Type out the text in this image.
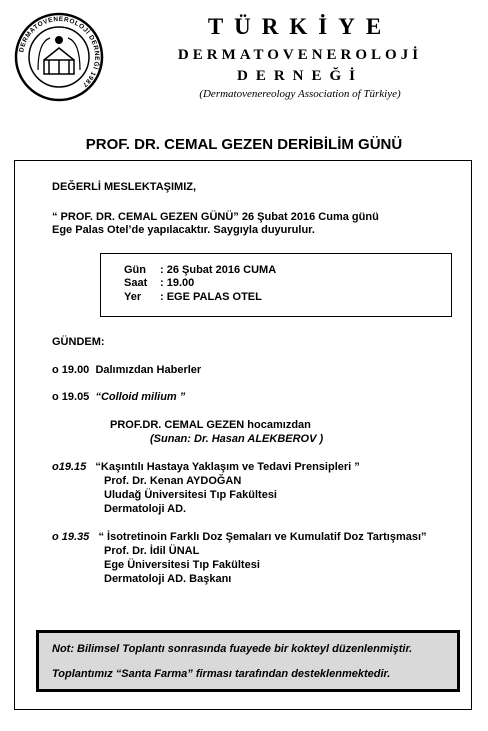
DERMATOVENEROLOJİ DERNEĞİ 1987
TÜRKİYE
DERMATOVENEROLOJİ
DERNEĞİ
(Dermatovenereology Association of Türkiye)
PROF. DR. CEMAL GEZEN DERİBİLİM GÜNÜ
DEĞERLİ MESLEKTAŞIMIZ,
“ PROF. DR. CEMAL GEZEN GÜNÜ” 26 Şubat 2016 Cuma günü
Ege Palas Otel’de yapılacaktır. Saygıyla duyurulur.
Gün : 26 Şubat 2016 CUMA
Saat : 19.00
Yer : EGE PALAS OTEL
GÜNDEM:
o 19.00 Dalımızdan Haberler
o 19.05 “Colloid milium ”
PROF.DR. CEMAL GEZEN hocamızdan
(Sunan: Dr. Hasan ALEKBEROV )
o19.15 “Kaşıntılı Hastaya Yaklaşım ve Tedavi Prensipleri ”
Prof. Dr. Kenan AYDOĞAN
Uludağ Üniversitesi Tıp Fakültesi
Dermatoloji AD.
o 19.35 “ İsotretinoin Farklı Doz Şemaları ve Kumulatif Doz Tartışması”
Prof. Dr. İdil ÜNAL
Ege Üniversitesi Tıp Fakültesi
Dermatoloji AD. Başkanı
Not: Bilimsel Toplantı sonrasında fuayede bir kokteyl düzenlenmiştir.
Toplantımız “Santa Farma” firması tarafından desteklenmektedir.
